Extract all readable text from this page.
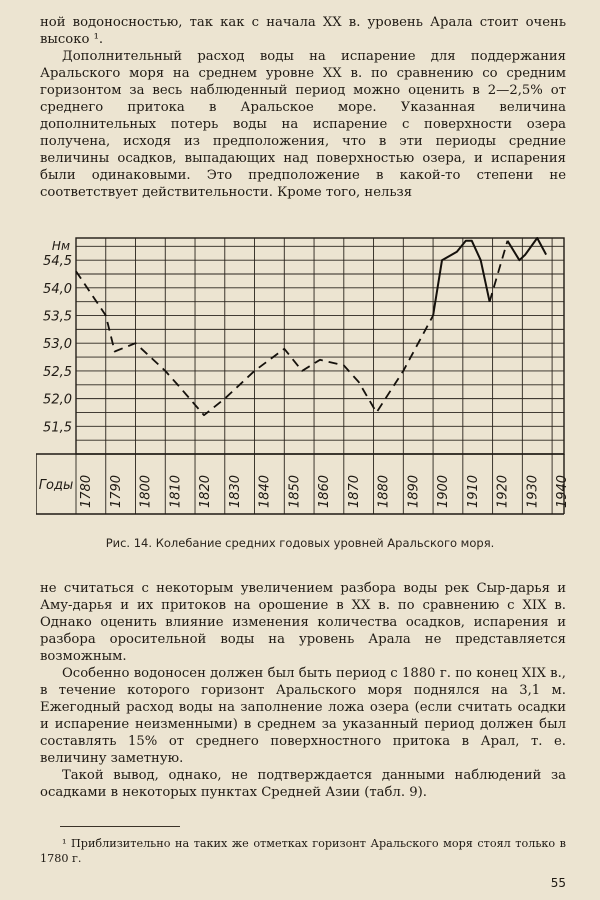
ной водоносностью, так как с начала XX в. уровень Арала стоит очень высоко ¹.

Дополнительный расход воды на испарение для поддержания Аральского моря на среднем уровне XX в. по сравнению со средним горизонтом за весь наблюденный период можно оценить в 2—2,5% от среднего притока в Аральское море. Указанная величина дополнительных потерь воды на испарение с поверхности озера получена, исходя из предположения, что в эти периоды средние величины осадков, выпадающих над поверхностью озера, и испарения были одинаковыми. Это предположение в какой-то степени не соответствует действительности. Кроме того, нельзя

1780 1790 1800 1810 1820 1830 1840 1850 1860 1870 1880 1890 1900 1910 1920 1930 1940
51,5
52,0
52,5
53,0
53,5
54,0
54,5
Нм
Годы
Рис. 14. Колебание средних годовых уровней Аральского моря.

не считаться с некоторым увеличением разбора воды рек Сыр-дарья и Аму-дарья и их притоков на орошение в XX в. по сравнению с XIX в. Однако оценить влияние изменения количества осадков, испарения и разбора оросительной воды на уровень Арала не представляется возможным.

Особенно водоносен должен был быть период с 1880 г. по конец XIX в., в течение которого горизонт Аральского моря поднялся на 3,1 м. Ежегодный расход воды на заполнение ложа озера (если считать осадки и испарение неизменными) в среднем за указанный период должен был составлять 15% от среднего поверхностного притока в Арал, т. е. величину заметную.

Такой вывод, однако, не подтверждается данными наблюдений за осадками в некоторых пунктах Средней Азии (табл. 9).

¹ Приблизительно на таких же отметках горизонт Аральского моря стоял только в 1780 г.

55
